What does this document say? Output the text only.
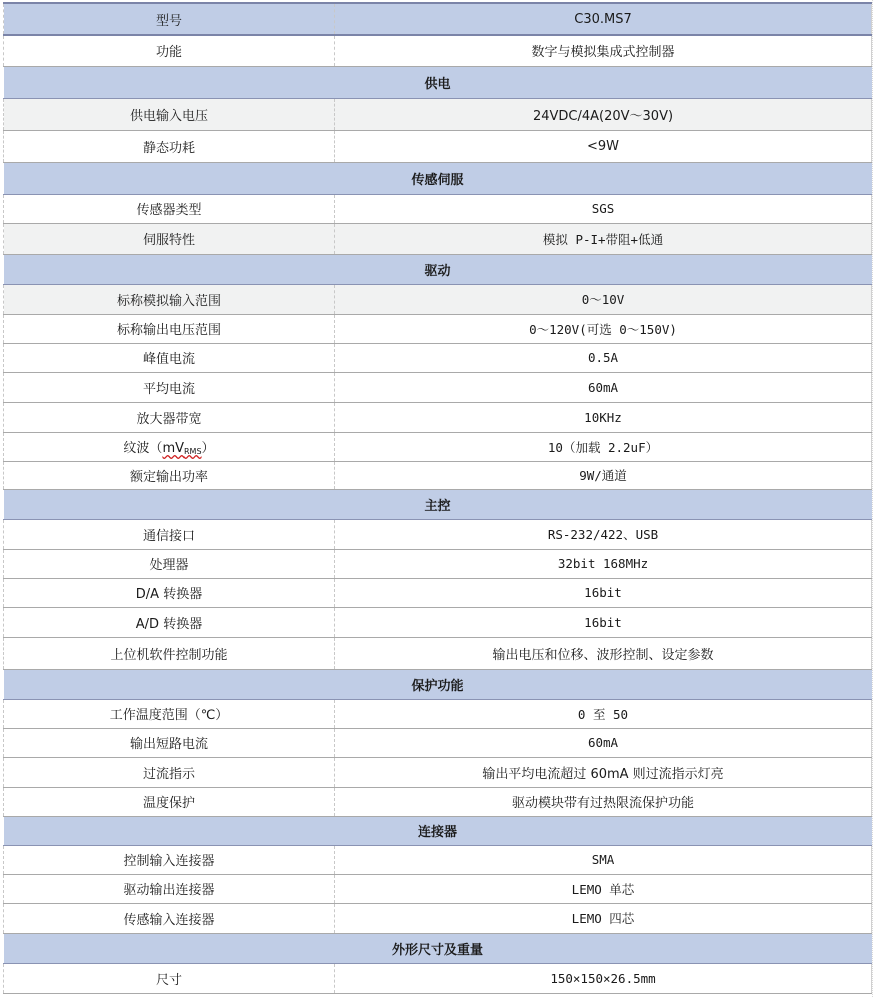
型号	C30.MS7
功能	数字与模拟集成式控制器
供电	
供电输入电压	24VDC/4A(20V～30V)
静态功耗	<9W
传感伺服	
传感器类型	SGS
伺服特性	模拟 P-I+带阻+低通
驱动	
标称模拟输入范围	0～10V
标称输出电压范围	0～120V(可选 0～150V)
峰值电流	0.5A
平均电流	60mA
放大器带宽	10KHz
纹波$(mV_{RMS})$	10（加载 2.2uF）
额定输出功率	9W/通道
主控	
通信接口	RS-232/422、USB
处理器	32bit 168MHz
D/A 转换器	16bit
A/D 转换器	16bit
上位机软件控制功能	输出电压和位移、波形控制、设定参数
保护功能	
工作温度范围（℃）	0 至 50
输出短路电流	60mA
过流指示	输出平均电流超过 60mA 则过流指示灯亮
温度保护	驱动模块带有过热限流保护功能
连接器	
控制输入连接器	SMA
驱动输出连接器	LEMO 单芯
传感输入连接器	LEMO 四芯
外形尺寸及重量	
尺寸	150×150×26.5mm
